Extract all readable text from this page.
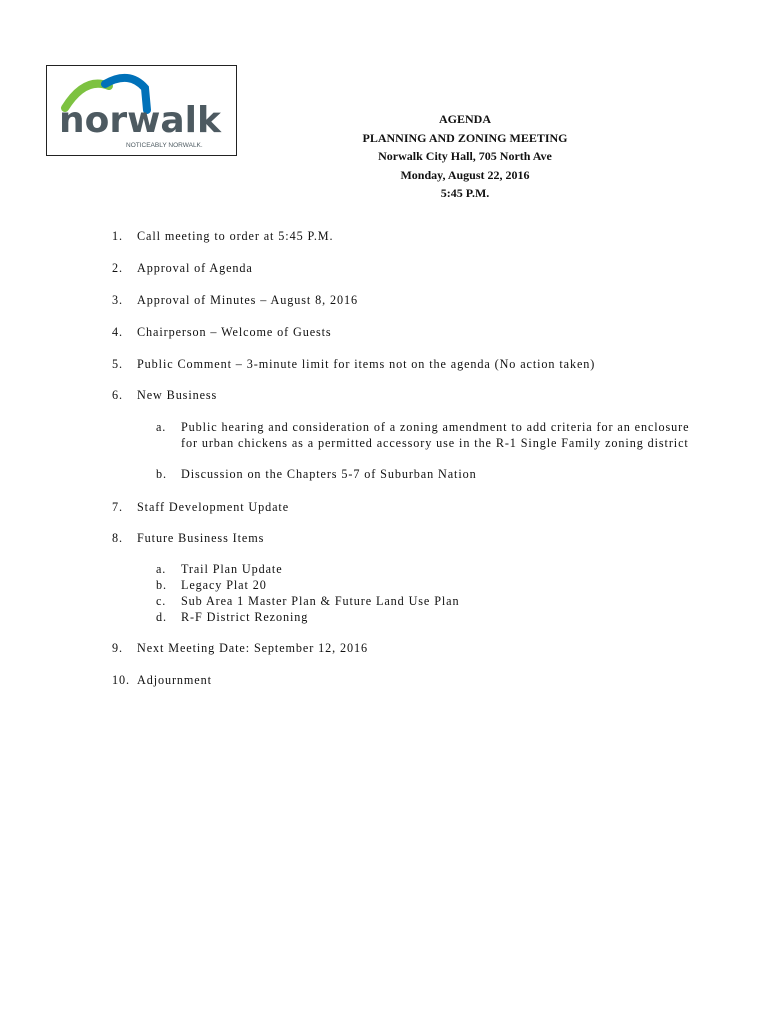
norwalk
NOTICEABLY NORWALK.
AGENDA
PLANNING AND ZONING MEETING
Norwalk City Hall, 705 North Ave
Monday, August 22, 2016
5:45 P.M.
1. Call meeting to order at 5:45 P.M.
2. Approval of Agenda
3. Approval of Minutes – August 8, 2016
4. Chairperson – Welcome of Guests
5. Public Comment – 3-minute limit for items not on the agenda (No action taken)
6. New Business
a. Public hearing and consideration of a zoning amendment to add criteria for an enclosure for urban chickens as a permitted accessory use in the R-1 Single Family zoning district
b. Discussion on the Chapters 5-7 of Suburban Nation
7. Staff Development Update
8. Future Business Items
a. Trail Plan Update
b. Legacy Plat 20
c. Sub Area 1 Master Plan & Future Land Use Plan
d. R-F District Rezoning
9. Next Meeting Date: September 12, 2016
10. Adjournment
